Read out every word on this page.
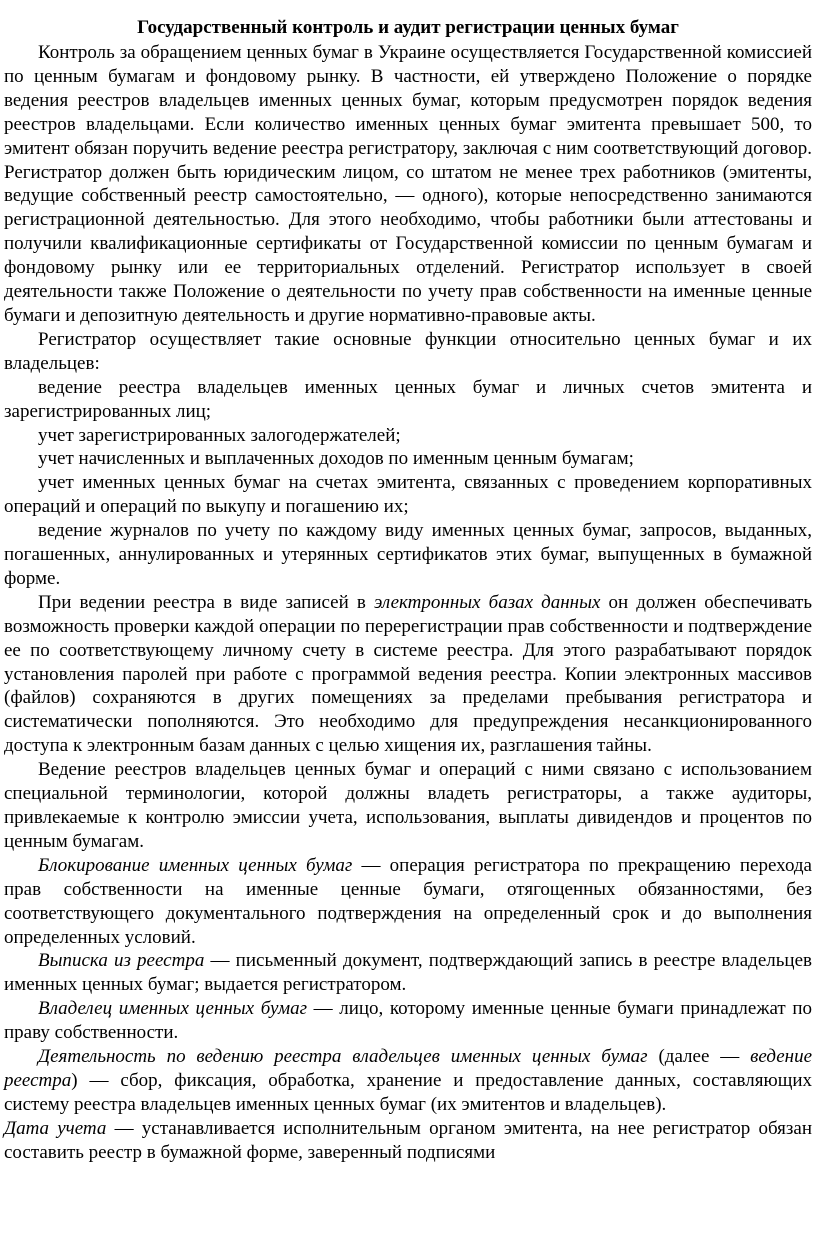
Государственный контроль и аудит регистрации ценных бумаг

Контроль за обращением ценных бумаг в Украине осуществляется Государственной комиссией по ценным бумагам и фондовому рынку. В частности, ей утверждено Положение о порядке ведения реестров владельцев именных ценных бумаг, которым предусмотрен порядок ведения реестров владельцами. Если количество именных ценных бумаг эмитента превышает 500, то эмитент обязан поручить ведение реестра регистратору, заключая с ним соответствующий договор. Регистратор должен быть юридическим лицом, со штатом не менее трех работников (эмитенты, ведущие собственный реестр самостоятельно, — одного), которые непосредственно занимаются регистрационной деятельностью. Для этого необходимо, чтобы работники были аттестованы и получили квалификационные сертификаты от Государственной комиссии по ценным бумагам и фондовому рынку или ее территориальных отделений. Регистратор использует в своей деятельности также Положение о деятельности по учету прав собственности на именные ценные бумаги и депозитную деятельность и другие нормативно-правовые акты.

Регистратор осуществляет такие основные функции относительно ценных бумаг и их владельцев:

ведение реестра владельцев именных ценных бумаг и личных счетов эмитента и зарегистрированных лиц;

учет зарегистрированных залогодержателей;

учет начисленных и выплаченных доходов по именным ценным бумагам;

учет именных ценных бумаг на счетах эмитента, связанных с проведением корпоративных операций и операций по выкупу и погашению их;

ведение журналов по учету по каждому виду именных ценных бумаг, запросов, выданных, погашенных, аннулированных и утерянных сертификатов этих бумаг, выпущенных в бумажной форме.

При ведении реестра в виде записей в электронных базах данных он должен обеспечивать возможность проверки каждой операции по перерегистрации прав собственности и подтверждение ее по соответствующему личному счету в системе реестра. Для этого разрабатывают порядок установления паролей при работе с программой ведения реестра. Копии электронных массивов (файлов) сохраняются в других помещениях за пределами пребывания регистратора и систематически пополняются. Это необходимо для предупреждения несанкционированного доступа к электронным базам данных с целью хищения их, разглашения тайны.

Ведение реестров владельцев ценных бумаг и операций с ними связано с использованием специальной терминологии, которой должны владеть регистраторы, а также аудиторы, привлекаемые к контролю эмиссии учета, использования, выплаты дивидендов и процентов по ценным бумагам.

Блокирование именных ценных бумаг — операция регистратора по прекращению перехода прав собственности на именные ценные бумаги, отягощенных обязанностями, без соответствующего документального подтверждения на определенный срок и до выполнения определенных условий.

Выписка из реестра — письменный документ, подтверждающий запись в реестре владельцев именных ценных бумаг; выдается регистратором.

Владелец именных ценных бумаг — лицо, которому именные ценные бумаги принадлежат по праву собственности.

Деятельность по ведению реестра владельцев именных ценных бумаг (далее — ведение реестра) — сбор, фиксация, обработка, хранение и предоставление данных, составляющих систему реестра владельцев именных ценных бумаг (их эмитентов и владельцев).

Дата учета — устанавливается исполнительным органом эмитента, на нее регистратор обязан составить реестр в бумажной форме, заверенный подписями
